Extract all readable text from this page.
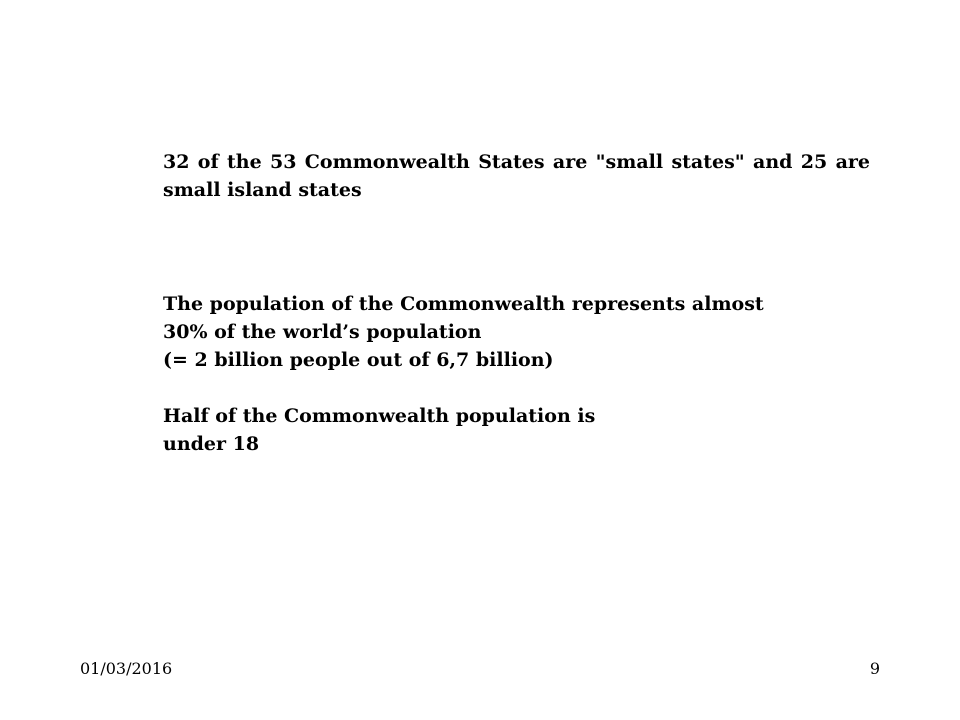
32 of the 53 Commonwealth States are "small states" and 25 are small island states

The population of the Commonwealth represents almost
30% of the world’s population
(= 2 billion people out of 6,7 billion)
Half of the Commonwealth population is
under 18
01/03/2016	9
